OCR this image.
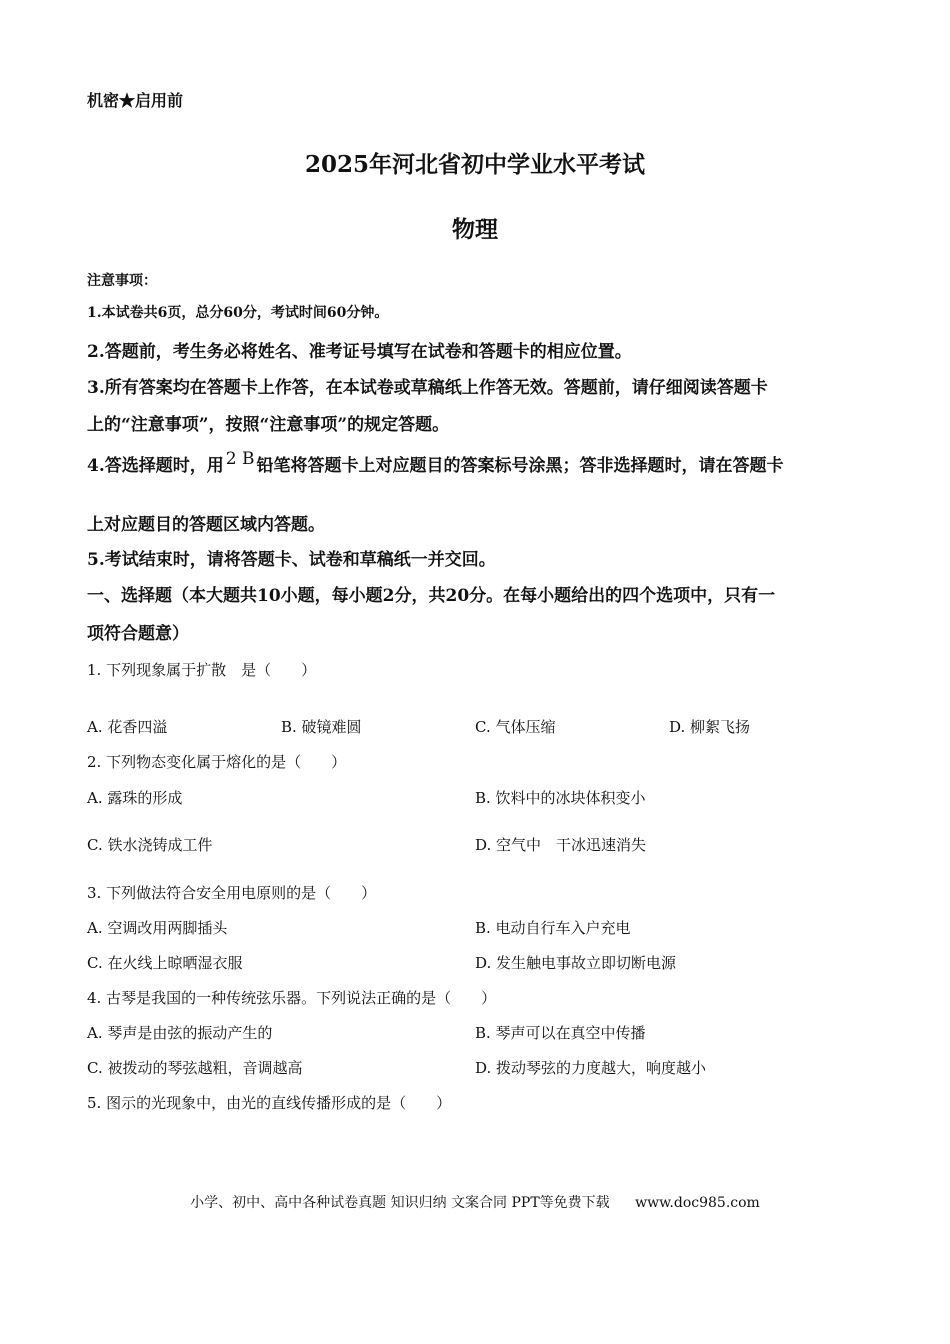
机密★启用前
2025年河北省初中学业水平考试
物理
注意事项：
1.本试卷共6页，总分60分，考试时间60分钟。
2.答题前，考生务必将姓名、准考证号填写在试卷和答题卡的相应位置。
3.所有答案均在答题卡上作答，在本试卷或草稿纸上作答无效。答题前，请仔细阅读答题卡
上的“注意事项”，按照“注意事项”的规定答题。
4.答选择题时，用 2 B 铅笔将答题卡上对应题目的答案标号涂黑；答非选择题时，请在答题卡
上对应题目的答题区域内答题。
5.考试结束时，请将答题卡、试卷和草稿纸一并交回。
一、选择题（本大题共10小题，每小题2分，共20分。在每小题给出的四个选项中，只有一
项符合题意）
1. 下列现象属于扩散　是（　　）
A. 花香四溢	B. 破镜难圆	C. 气体压缩	D. 柳絮飞扬
2. 下列物态变化属于熔化的是（　　）
A. 露珠的形成	B. 饮料中的冰块体积变小
C. 铁水浇铸成工件	D. 空气中　干冰迅速消失
3. 下列做法符合安全用电原则的是（　　）
A. 空调改用两脚插头	B. 电动自行车入户充电
C. 在火线上晾晒湿衣服	D. 发生触电事故立即切断电源
4. 古琴是我国的一种传统弦乐器。下列说法正确的是（　　）
A. 琴声是由弦的振动产生的	B. 琴声可以在真空中传播
C. 被拨动的琴弦越粗，音调越高	D. 拨动琴弦的力度越大，响度越小
5. 图示的光现象中，由光的直线传播形成的是（　　）
小学、初中、高中各种试卷真题 知识归纳 文案合同 PPT等免费下载 www.doc985.com
